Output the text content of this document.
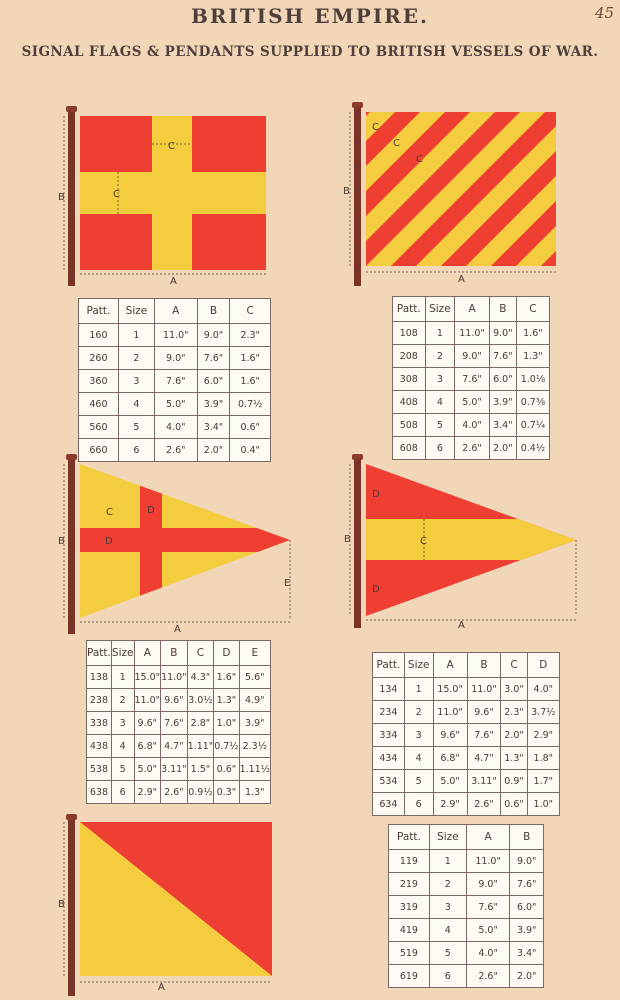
BRITISH EMPIRE.	45
SIGNAL FLAGS & PENDANTS SUPPLIED TO BRITISH VESSELS OF WAR.
B
A
C
C	B
A
C
C
C
Patt.	Size	A	B	C
160	1	11.0"	9.0"	2.3"
260	2	9.0"	7.6"	1.6"
360	3	7.6"	6.0"	1.6"
460	4	5.0"	3.9"	0.7½
560	5	4.0"	3.4"	0.6"
660	6	2.6"	2.0"	0.4"
Patt.	Size	A	B	C
108	1	11.0"	9.0"	1.6"
208	2	9.0"	7.6"	1.3"
308	3	7.6"	6.0"	1.0⅛
408	4	5.0"	3.9"	0.7⅜
508	5	4.0"	3.4"	0.7¼
608	6	2.6"	2.0"	0.4½
B
A
C	D
D
E
B
A
C
D
D
Patt.	Size	A	B	C	D	E
138	1	15.0"	11.0"	4.3"	1.6"	5.6"
238	2	11.0"	9.6"	3.0½	1.3"	4.9"
338	3	9.6"	7.6"	2.8"	1.0"	3.9"
438	4	6.8"	4.7"	1.11"	0.7½	2.3½
538	5	5.0"	3.11"	1.5"	0.6"	1.11½
638	6	2.9"	2.6"	0.9½	0.3"	1.3"
Patt.	Size	A	B	C	D
134	1	15.0"	11.0"	3.0"	4.0"
234	2	11.0"	9.6"	2.3"	3.7½
334	3	9.6"	7.6"	2.0"	2.9"
434	4	6.8"	4.7"	1.3"	1.8"
534	5	5.0"	3.11"	0.9"	1.7"
634	6	2.9"	2.6"	0.6"	1.0"
B
A
Patt.	Size	A	B
119	1	11.0"	9.0"
219	2	9.0"	7.6"
319	3	7.6"	6.0"
419	4	5.0"	3.9"
519	5	4.0"	3.4"
619	6	2.6"	2.0"
